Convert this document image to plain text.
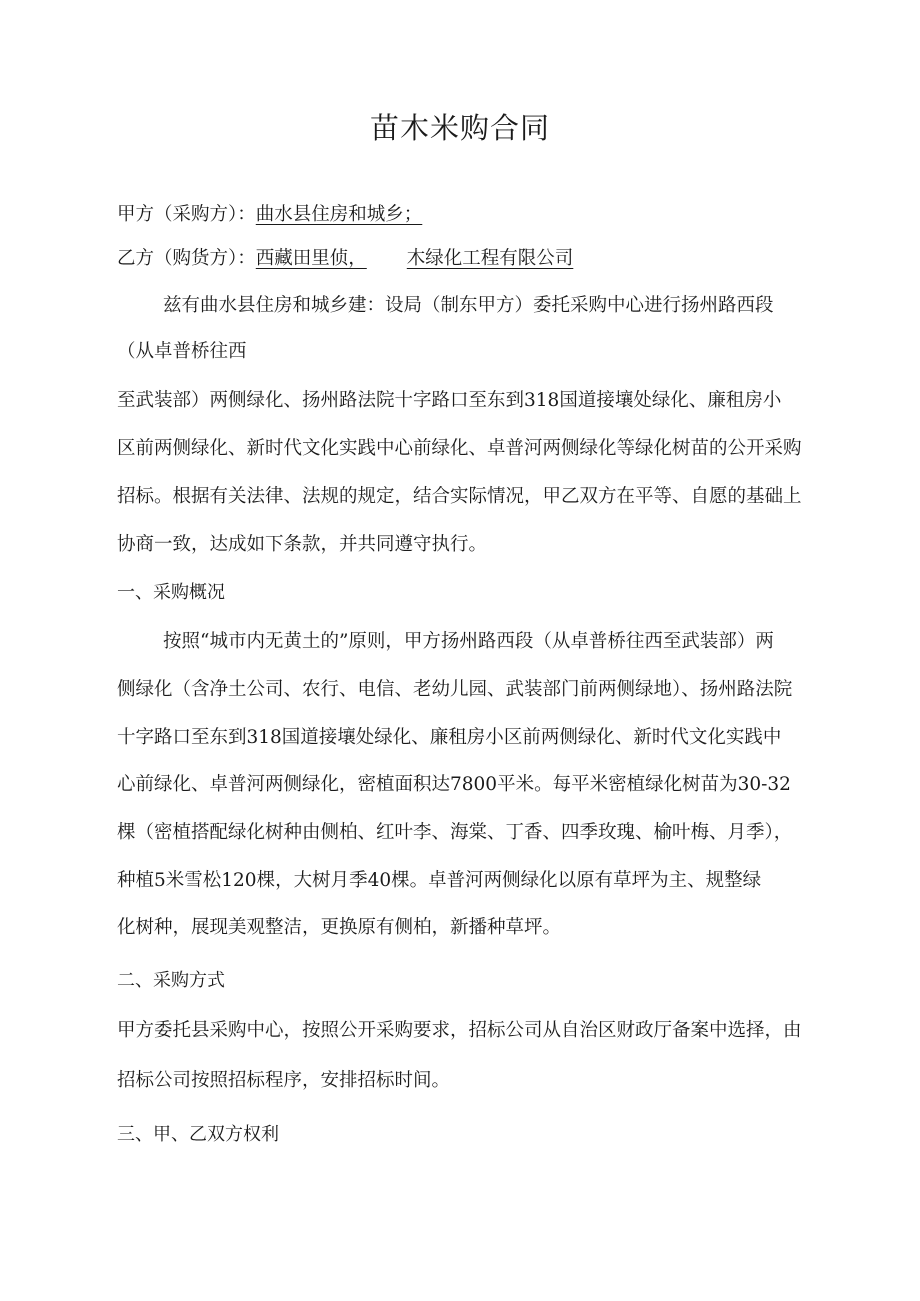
苗木米购合同
甲方（采购方）：曲水县住房和城乡；
乙方（购货方）：西藏田里侦， 木绿化工程有限公司
兹有曲水县住房和城乡建：设局（制东甲方）委托采购中心进行扬州路西段
（从卓普桥往西
至武装部）两侧绿化、扬州路法院十字路口至东到318国道接壤处绿化、廉租房小
区前两侧绿化、新时代文化实践中心前绿化、卓普河两侧绿化等绿化树苗的公开采购
招标。根据有关法律、法规的规定，结合实际情况，甲乙双方在平等、自愿的基础上
协商一致，达成如下条款，并共同遵守执行。
一、采购概况
按照“城市内无黄土的”原则，甲方扬州路西段（从卓普桥往西至武装部）两
侧绿化（含净土公司、农行、电信、老幼儿园、武装部门前两侧绿地）、扬州路法院
十字路口至东到318国道接壤处绿化、廉租房小区前两侧绿化、新时代文化实践中
心前绿化、卓普河两侧绿化，密植面积达7800平米。每平米密植绿化树苗为30-32
棵（密植搭配绿化树种由侧柏、红叶李、海棠、丁香、四季玫瑰、榆叶梅、月季），
种植5米雪松120棵，大树月季40棵。卓普河两侧绿化以原有草坪为主、规整绿
化树种，展现美观整洁，更换原有侧柏，新播种草坪。
二、采购方式
甲方委托县采购中心，按照公开采购要求，招标公司从自治区财政厅备案中选择，由
招标公司按照招标程序，安排招标时间。
三、甲、乙双方权利
